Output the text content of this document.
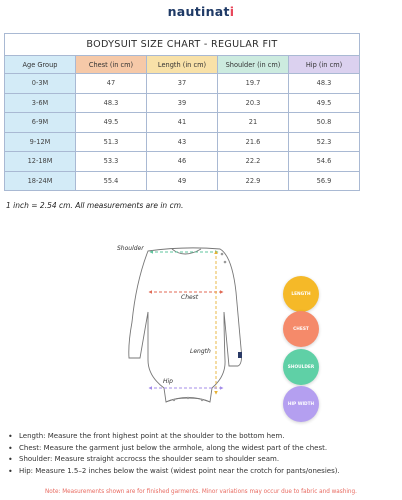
nautinati
BODYSUIT SIZE CHART - REGULAR FIT				
Age Group	Chest (in cm)	Length (in cm)	Shoulder (in cm)	Hip (in cm)
0-3M	47	37	19.7	48.3
3-6M	48.3	39	20.3	49.5
6-9M	49.5	41	21	50.8
9-12M	51.3	43	21.6	52.3
12-18M	53.3	46	22.2	54.6
18-24M	55.4	49	22.9	56.9
1 inch = 2.54 cm. All measurements are in cm.
Shoulder
Chest
Length
Hip
LENGTH
CHEST
SHOULDER
HIP WIDTH
• Length: Measure the front highest point at the shoulder to the bottom hem.
• Chest: Measure the garment just below the armhole, along the widest part of the chest.
• Shoulder: Measure straight accrocss the shoulder seam to shoulder seam.
• Hip: Measure 1.5–2 inches below the waist (widest point near the crotch for pants/onesies).
Note: Measurements shown are for finished garments. Minor variations may occur due to fabric and washing.
